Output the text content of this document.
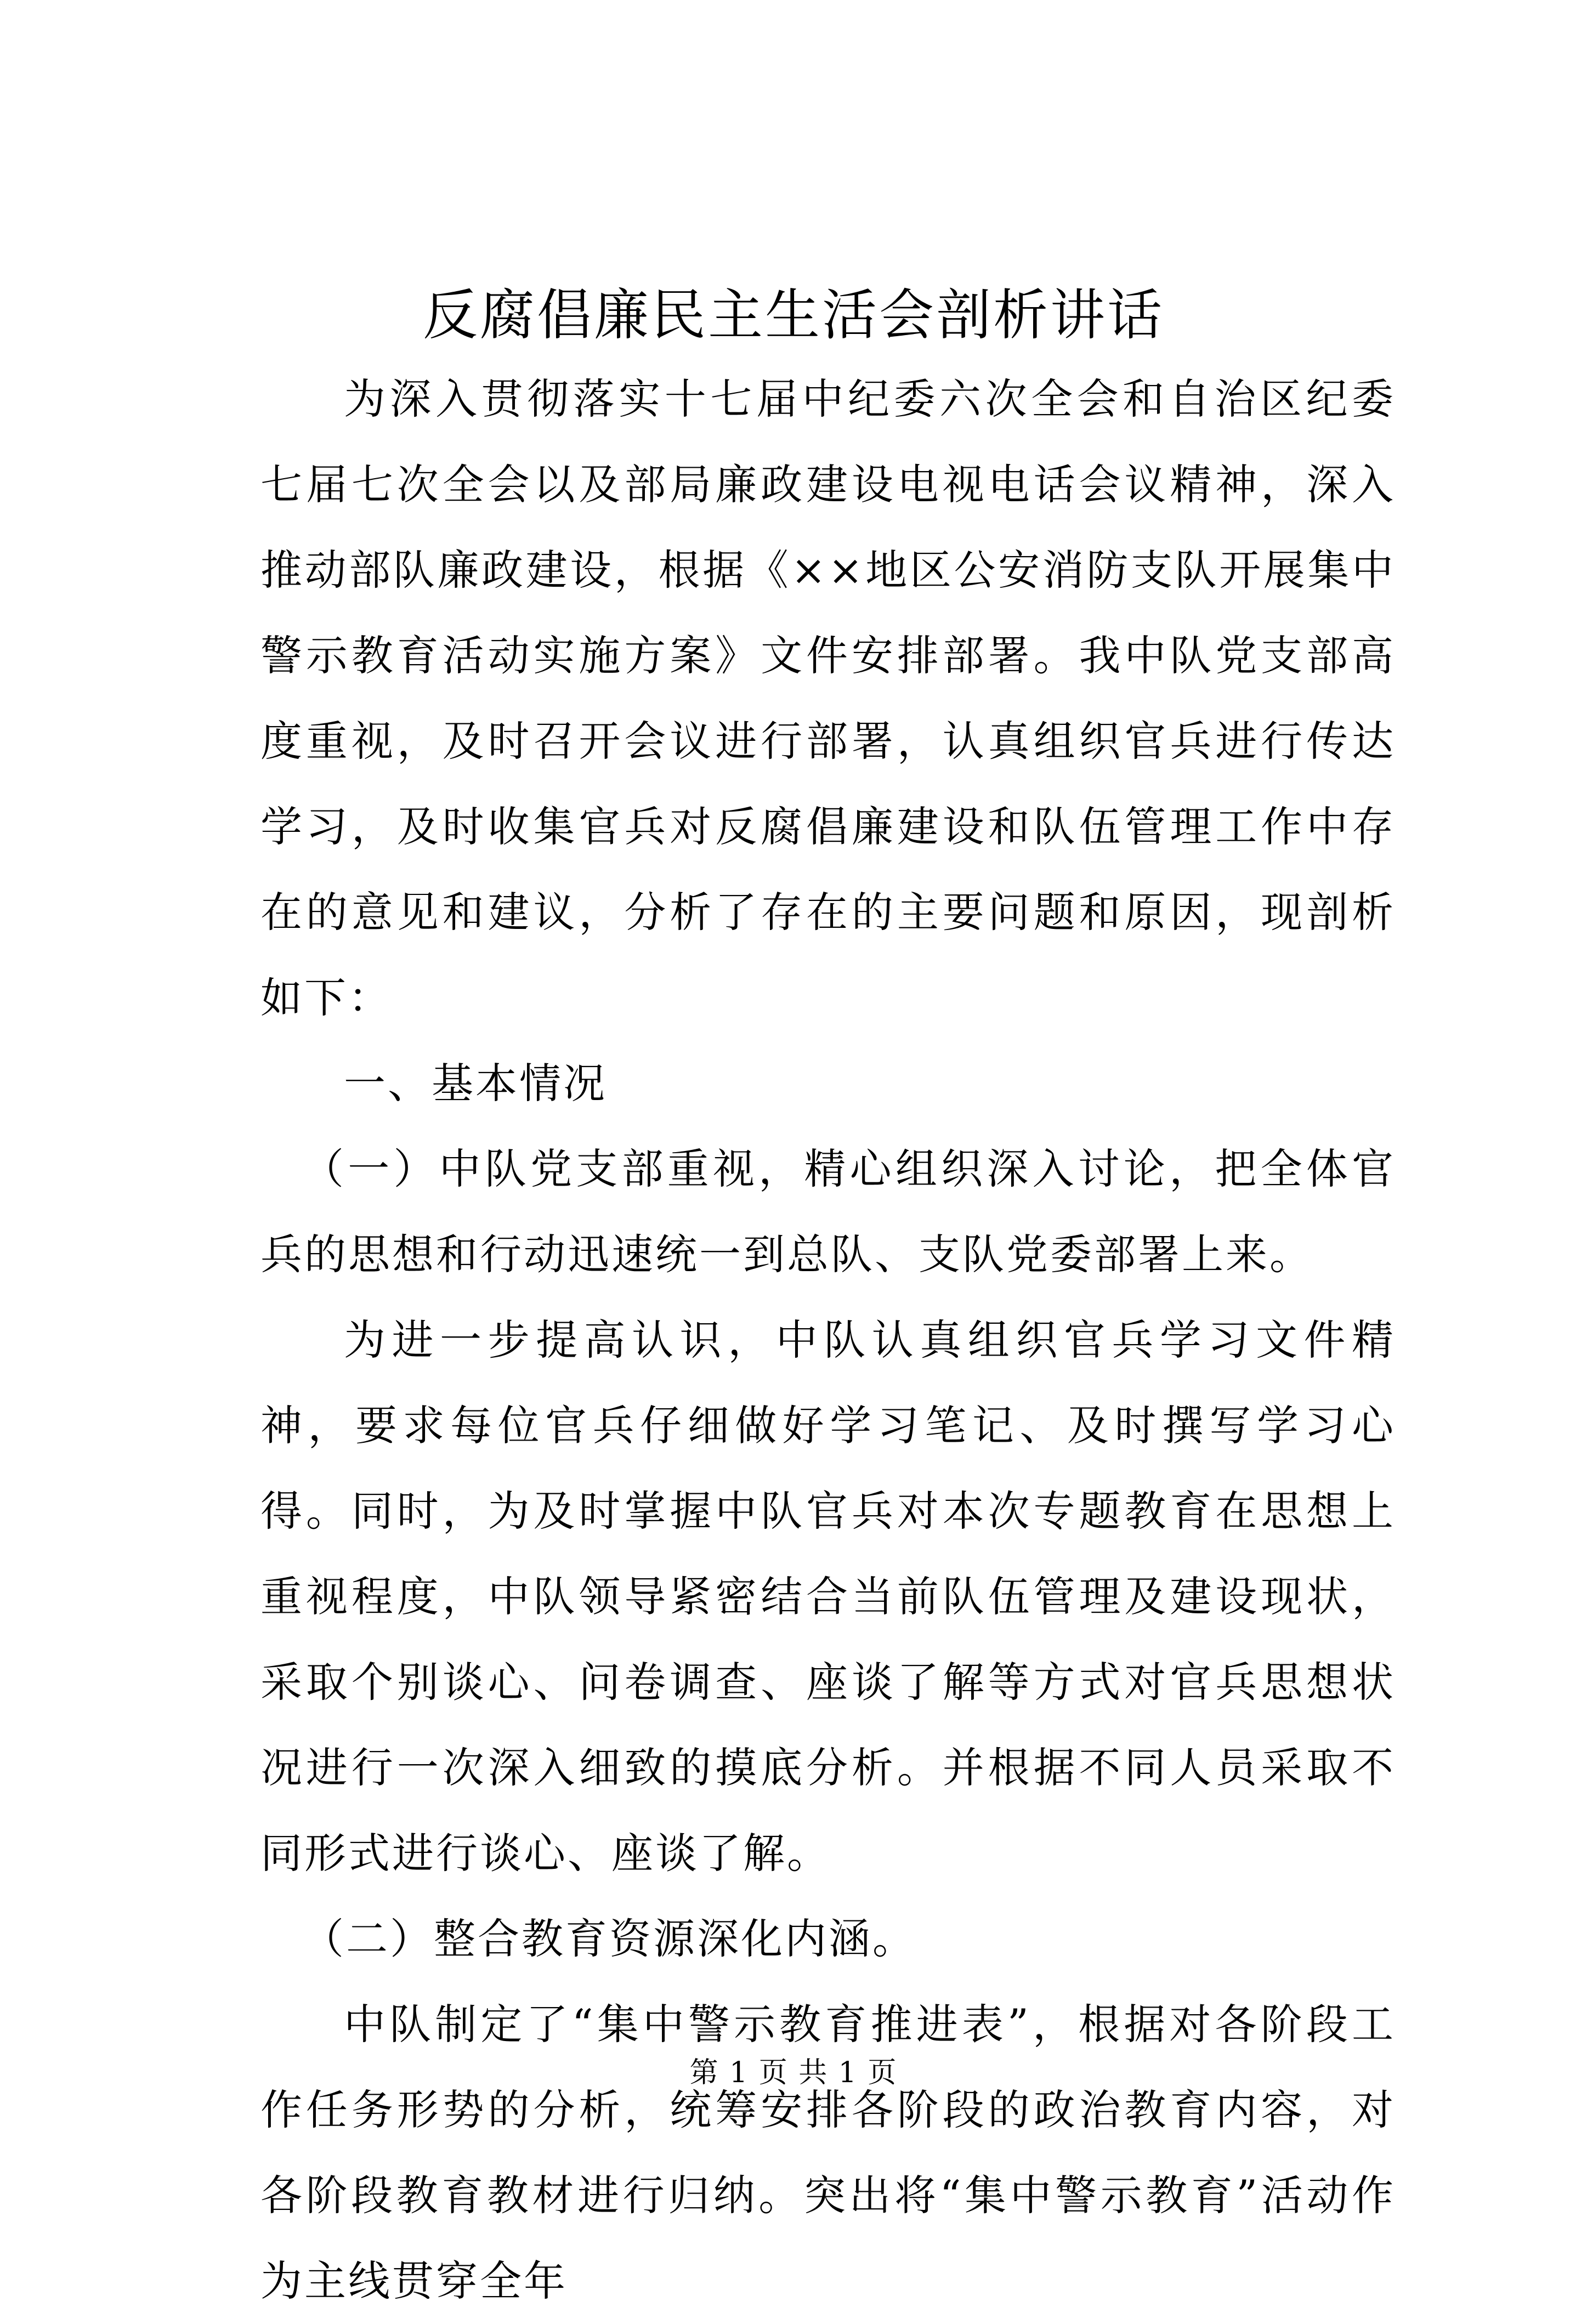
反腐倡廉民主生活会剖析讲话

为深入贯彻落实十七届中纪委六次全会和自治区纪委七届七次全会以及部局廉政建设电视电话会议精神，深入推动部队廉政建设，根据《××地区公安消防支队开展集中警示教育活动实施方案》文件安排部署。我中队党支部高度重视，及时召开会议进行部署，认真组织官兵进行传达学习，及时收集官兵对反腐倡廉建设和队伍管理工作中存在的意见和建议，分析了存在的主要问题和原因，现剖析如下：

一、基本情况

（一）中队党支部重视，精心组织深入讨论，把全体官兵的思想和行动迅速统一到总队、支队党委部署上来。

为进一步提高认识，中队认真组织官兵学习文件精神，要求每位官兵仔细做好学习笔记、及时撰写学习心得。同时，为及时掌握中队官兵对本次专题教育在思想上重视程度，中队领导紧密结合当前队伍管理及建设现状，采取个别谈心、问卷调查、座谈了解等方式对官兵思想状况进行一次深入细致的摸底分析。并根据不同人员采取不同形式进行谈心、座谈了解。

（二）整合教育资源深化内涵。

中队制定了“集中警示教育推进表”，根据对各阶段工作任务形势的分析，统筹安排各阶段的政治教育内容，对各阶段教育教材进行归纳。突出将“集中警示教育”活动作为主线贯穿全年

第 1 页 共 1 页
